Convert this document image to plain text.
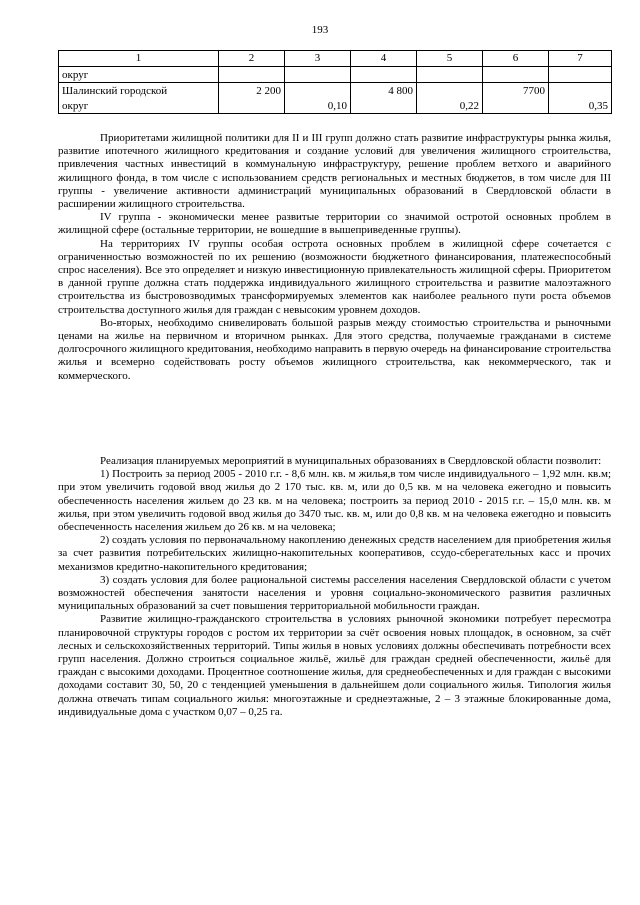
193
1	2	3	4	5	6	7
округ						
Шалинский городской	2 200		4 800		7700	
округ		0,10		0,22		0,35

Приоритетами жилищной политики для II и III групп должно стать развитие инфраструктуры рынка жилья, развитие ипотечного жилищного кредитования и создание условий для увеличения жилищного строительства, привлечения частных инвестиций в коммунальную инфраструктуру, решение проблем ветхого и аварийного жилищного фонда, в том числе с использованием средств региональных и местных бюджетов, в том числе для III группы - увеличение активности администраций муниципальных образований в Свердловской области в расширении жилищного строительства.

IV группа - экономически менее развитые территории со значимой остротой основных проблем в жилищной сфере (остальные территории, не вошедшие в вышеприведенные группы).

На территориях IV группы особая острота основных проблем в жилищной сфере сочетается с ограниченностью возможностей по их решению (возможности бюджетного финансирования, платежеспособный спрос населения). Все это определяет и низкую инвестиционную привлекательность жилищной сферы. Приоритетом в данной группе должна стать поддержка индивидуального жилищного строительства и развитие малоэтажного строительства из быстровозводимых трансформируемых элементов как наиболее реального пути роста объемов строительства доступного жилья для граждан с невысоким уровнем доходов.

Во-вторых, необходимо снивелировать большой разрыв между стоимостью строительства и рыночными ценами на жилье на первичном и вторичном рынках. Для этого средства, получаемые гражданами в системе долгосрочного жилищного кредитования, необходимо направить в первую очередь на финансирование строительства жилья и всемерно содействовать росту объемов жилищного строительства, как некоммерческого, так и коммерческого.

Реализация планируемых мероприятий в муниципальных образованиях в Свердловской области позволит:

1) Построить за период 2005 - 2010 г.г. - 8,6 млн. кв. м жилья,в том числе индивидуального – 1,92 млн. кв.м; при этом увеличить годовой ввод жилья до 2 170 тыс. кв. м, или до 0,5 кв. м на человека ежегодно и повысить обеспеченность населения жильем до 23 кв. м на человека; построить за период 2010 - 2015 г.г. – 15,0 млн. кв. м жилья, при этом увеличить годовой ввод жилья до 3470 тыс. кв. м, или до 0,8 кв. м на человека ежегодно и повысить обеспеченность населения жильем до 26 кв. м на человека;

2) создать условия по первоначальному накоплению денежных средств населением для приобретения жилья за счет развития потребительских жилищно-накопительных кооперативов, ссудо-сберегательных касс и прочих механизмов кредитно-накопительного кредитования;

3) создать условия для более рациональной системы расселения населения Свердловской области с учетом возможностей обеспечения занятости населения и уровня социально-экономического развития различных муниципальных образований за счет повышения территориальной мобильности граждан.

Развитие жилищно-гражданского строительства в условиях рыночной экономики потребует пересмотра планировочной структуры городов с ростом их территории за счёт освоения новых площадок, в основном, за счёт лесных и сельскохозяйственных территорий. Типы жилья в новых условиях должны обеспечивать потребности всех групп населения. Должно строиться социальное жильё, жильё для граждан средней обеспеченности, жильё для граждан с высокими доходами. Процентное соотношение жилья, для среднеобеспеченных и для граждан с высокими доходами составит 30, 50, 20 с тенденцией уменьшения в дальнейшем доли социального жилья. Типология жилья должна отвечать типам социального жилья: многоэтажные и среднеэтажные, 2 – 3 этажные блокированные дома, индивидуальные дома с участком 0,07 – 0,25 га.
